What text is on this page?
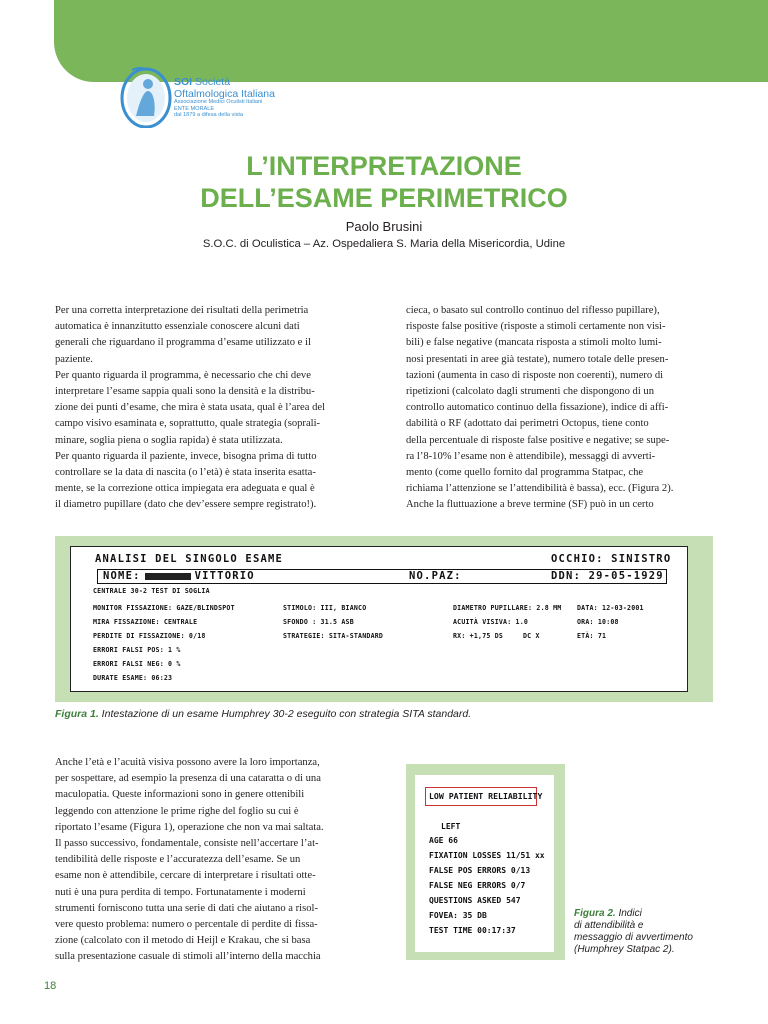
SOI Società
Oftalmologica Italiana
Associazione Medici Oculisti Italiani
ENTE MORALE
dal 1879 a difesa della vista
L’INTERPRETAZIONE
DELL’ESAME PERIMETRICO
Paolo Brusini
S.O.C. di Oculistica – Az. Ospedaliera S. Maria della Misericordia, Udine

Per una corretta interpretazione dei risultati della perimetria

automatica è innanzitutto essenziale conoscere alcuni dati

generali che riguardano il programma d’esame utilizzato e il

paziente.

Per quanto riguarda il programma, è necessario che chi deve

interpretare l’esame sappia quali sono la densità e la distribu-

zione dei punti d’esame, che mira è stata usata, qual è l’area del

campo visivo esaminata e, soprattutto, quale strategia (soprali-

minare, soglia piena o soglia rapida) è stata utilizzata.

Per quanto riguarda il paziente, invece, bisogna prima di tutto

controllare se la data di nascita (o l’età) è stata inserita esatta-

mente, se la correzione ottica impiegata era adeguata e qual è

il diametro pupillare (dato che dev’essere sempre registrato!).

cieca, o basato sul controllo continuo del riflesso pupillare),

risposte false positive (risposte a stimoli certamente non visi-

bili) e false negative (mancata risposta a stimoli molto lumi-

nosi presentati in aree già testate), numero totale delle presen-

tazioni (aumenta in caso di risposte non coerenti), numero di

ripetizioni (calcolato dagli strumenti che dispongono di un

controllo automatico continuo della fissazione), indice di affi-

dabilità o RF (adottato dai perimetri Octopus, tiene conto

della percentuale di risposte false positive e negative; se supe-

ra l’8-10% l’esame non è attendibile), messaggi di avverti-

mento (come quello fornito dal programma Statpac, che

richiama l’attenzione se l’attendibilità è bassa), ecc. (Figura 2).

Anche la fluttuazione a breve termine (SF) può in un certo

ANALISI DEL SINGOLO ESAME	OCCHIO: SINISTRO
NOME:	VITTORIO	NO.PAZ:	DDN: 29-05-1929
CENTRALE 30-2 TEST DI SOGLIA
MONITOR FISSAZIONE: GAZE/BLINDSPOT	STIMOLO: III, BIANCO	DIAMETRO PUPILLARE: 2.8 MM DATA: 12-03-2001
MIRA FISSAZIONE: CENTRALE	SFONDO : 31.5 ASB	ACUITÀ VISIVA: 1.0	ORA: 10:08
PERDITE DI FISSAZIONE: 0/18	STRATEGIE: SITA-STANDARD	RX: +1,75 DS	DC X	ETÀ: 71
ERRORI FALSI POS: 1 %
ERRORI FALSI NEG: 0 %
DURATE ESAME: 06:23
Figura 1. Intestazione di un esame Humphrey 30-2 eseguito con strategia SITA standard.

Anche l’età e l’acuità visiva possono avere la loro importanza,

per sospettare, ad esempio la presenza di una cataratta o di una

maculopatia. Queste informazioni sono in genere ottenibili

leggendo con attenzione le prime righe del foglio su cui è

riportato l’esame (Figura 1), operazione che non va mai saltata.

Il passo successivo, fondamentale, consiste nell’accertare l’at-

tendibilità delle risposte e l’accuratezza dell’esame. Se un

esame non è attendibile, cercare di interpretare i risultati otte-

nuti è una pura perdita di tempo. Fortunatamente i moderni

strumenti forniscono tutta una serie di dati che aiutano a risol-

vere questo problema: numero o percentale di perdite di fissa-

zione (calcolato con il metodo di Heijl e Krakau, che si basa

sulla presentazione casuale di stimoli all’interno della macchia

LOW PATIENT RELIABILITY
LEFT
AGE 66
FIXATION LOSSES 11/51 xx
FALSE POS ERRORS 0/13
FALSE NEG ERRORS 0/7
QUESTIONS ASKED 547
FOVEA: 35 DB
TEST TIME 00:17:37
Figura 2. Indici
di attendibilità e
messaggio di avvertimento
(Humphrey Statpac 2).
18
